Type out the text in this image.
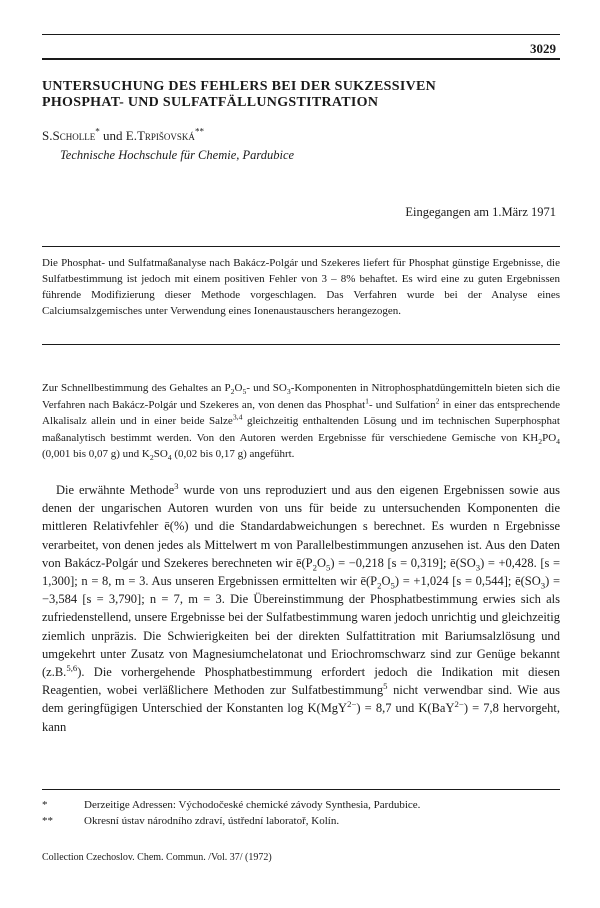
3029
UNTERSUCHUNG DES FEHLERS BEI DER SUKZESSIVEN
PHOSPHAT- UND SULFATFÄLLUNGSTITRATION
S.Scholle* und E.Trpišovská**
Technische Hochschule für Chemie, Pardubice
Eingegangen am 1.März 1971

Die Phosphat- und Sulfatmaßanalyse nach Bakácz-Polgár und Szekeres liefert für Phosphat günstige Ergebnisse, die Sulfatbestimmung ist jedoch mit einem positiven Fehler von 3 – 8% behaftet. Es wird eine zu guten Ergebnissen führende Modifizierung dieser Methode vorgeschlagen. Das Verfahren wurde bei der Analyse eines Calciumsalzgemisches unter Verwendung eines Ionenaustauschers herangezogen.

Zur Schnellbestimmung des Gehaltes an $P_2O_5-$ und $SO_3$-Komponenten in Nitrophosphatdüngemitteln bieten sich die Verfahren nach Bakácz-Polgár und Szekeres an, von denen das Phosphat$^1$- und Sulfation$^2$ in einer das entsprechende Alkalisalz allein und in einer beide Salze$^{3,4}$ gleichzeitig enthaltenden Lösung und im technischen Superphosphat maßanalytisch bestimmt werden. Von den Autoren werden Ergebnisse für verschiedene Gemische von $KH_2PO_4$ (0,001 bis 0,07 g) und $K_2SO_4$ (0,02 bis 0,17 g) angeführt.

Die erwähnte Methode$^3$ wurde von uns reproduziert und aus den eigenen Ergebnissen sowie aus denen der ungarischen Autoren wurden von uns für beide zu untersuchenden Komponenten die mittleren Relativfehler ē(%) und die Standardabweichungen s berechnet. Es wurden n Ergebnisse verarbeitet, von denen jedes als Mittelwert m von Parallelbestimmungen anzusehen ist. Aus den Daten von Bakácz-Polgár und Szekeres berechneten wir $ē(P_2O_5) = -0,218$ [s = 0,319]; $ē(SO_3) = +0,428$. [s = 1,300]; n = 8, m = 3. Aus unseren Ergebnissen ermittelten wir $ē(P_2O_5) = +1,024$ [s = 0,544]; $ē(SO_3) = -3,584$ [s = 3,790]; n = 7, m = 3. Die Übereinstimmung der Phosphatbestimmung erwies sich als zufriedenstellend, unsere Ergebnisse bei der Sulfatbestimmung waren jedoch unrichtig und gleichzeitig ziemlich unpräzis. Die Schwierigkeiten bei der direkten Sulfattitration mit Bariumsalzlösung und umgekehrt unter Zusatz von Magnesiumchelatonat und Eriochromschwarz sind zur Genüge bekannt (z.B.$^{5,6}$). Die vorhergehende Phosphatbestimmung erfordert jedoch die Indikation mit diesen Reagentien, wobei verläßlichere Methoden zur Sulfatbestimmung$^5$ nicht verwendbar sind. Wie aus dem geringfügigen Unterschied der Konstanten log K(MgY$^{2-}$) = 8,7 und K(BaY$^{2-}$) = 7,8 hervorgeht, kann

*	Derzeitige Adressen: Východočeské chemické závody Synthesia, Pardubice.
**	Okresní ústav národního zdraví, ústřední laboratoř, Kolín.
Collection Czechoslov. Chem. Commun. /Vol. 37/ (1972)
